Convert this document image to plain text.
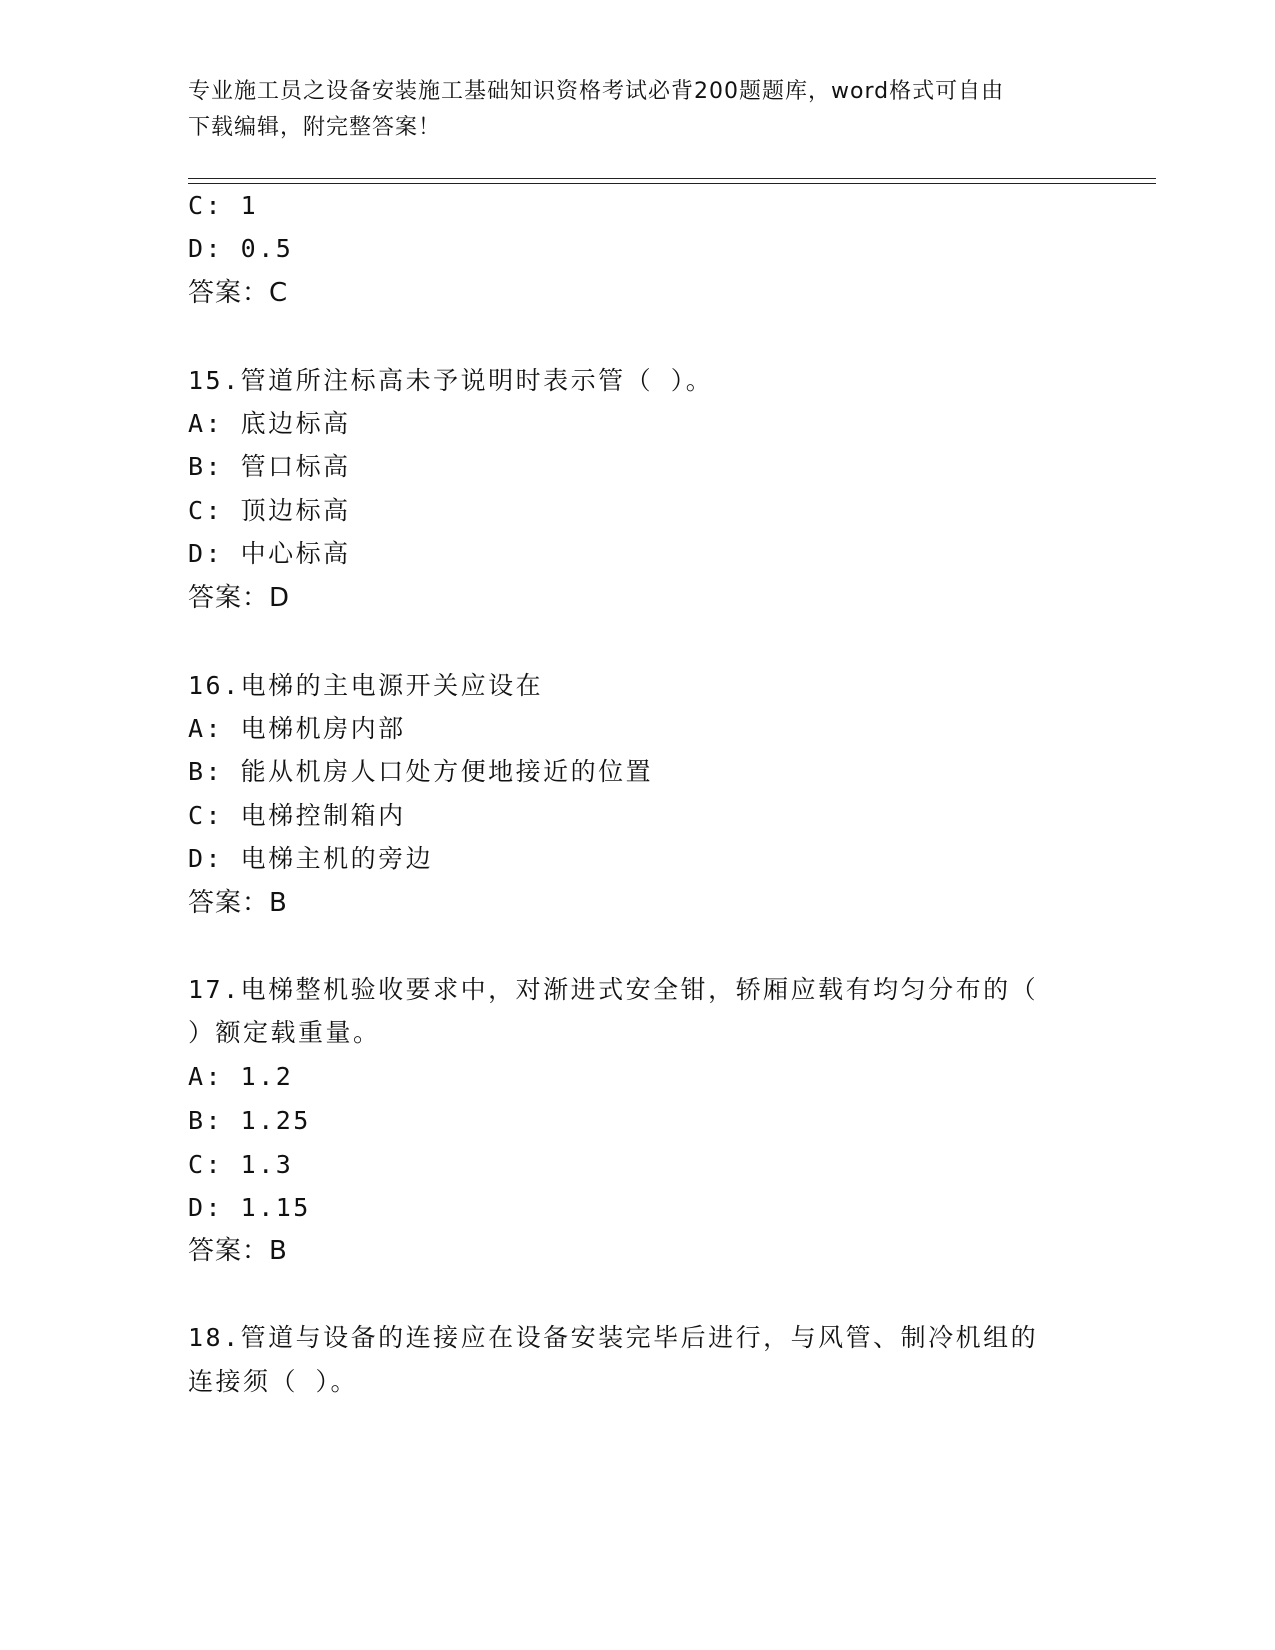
专业施工员之设备安装施工基础知识资格考试必背200题题库，word格式可自由
下载编辑，附完整答案！
C: 1
D: 0.5
答案：C
15.管道所注标高未予说明时表示管（ ）。
A: 底边标高
B: 管口标高
C: 顶边标高
D: 中心标高
答案：D
16.电梯的主电源开关应设在
A: 电梯机房内部
B: 能从机房人口处方便地接近的位置
C: 电梯控制箱内
D: 电梯主机的旁边
答案：B
17.电梯整机验收要求中，对渐进式安全钳，轿厢应载有均匀分布的（
）额定载重量。
A: 1.2
B: 1.25
C: 1.3
D: 1.15
答案：B
18.管道与设备的连接应在设备安装完毕后进行，与风管、制冷机组的
连接须（ ）。
